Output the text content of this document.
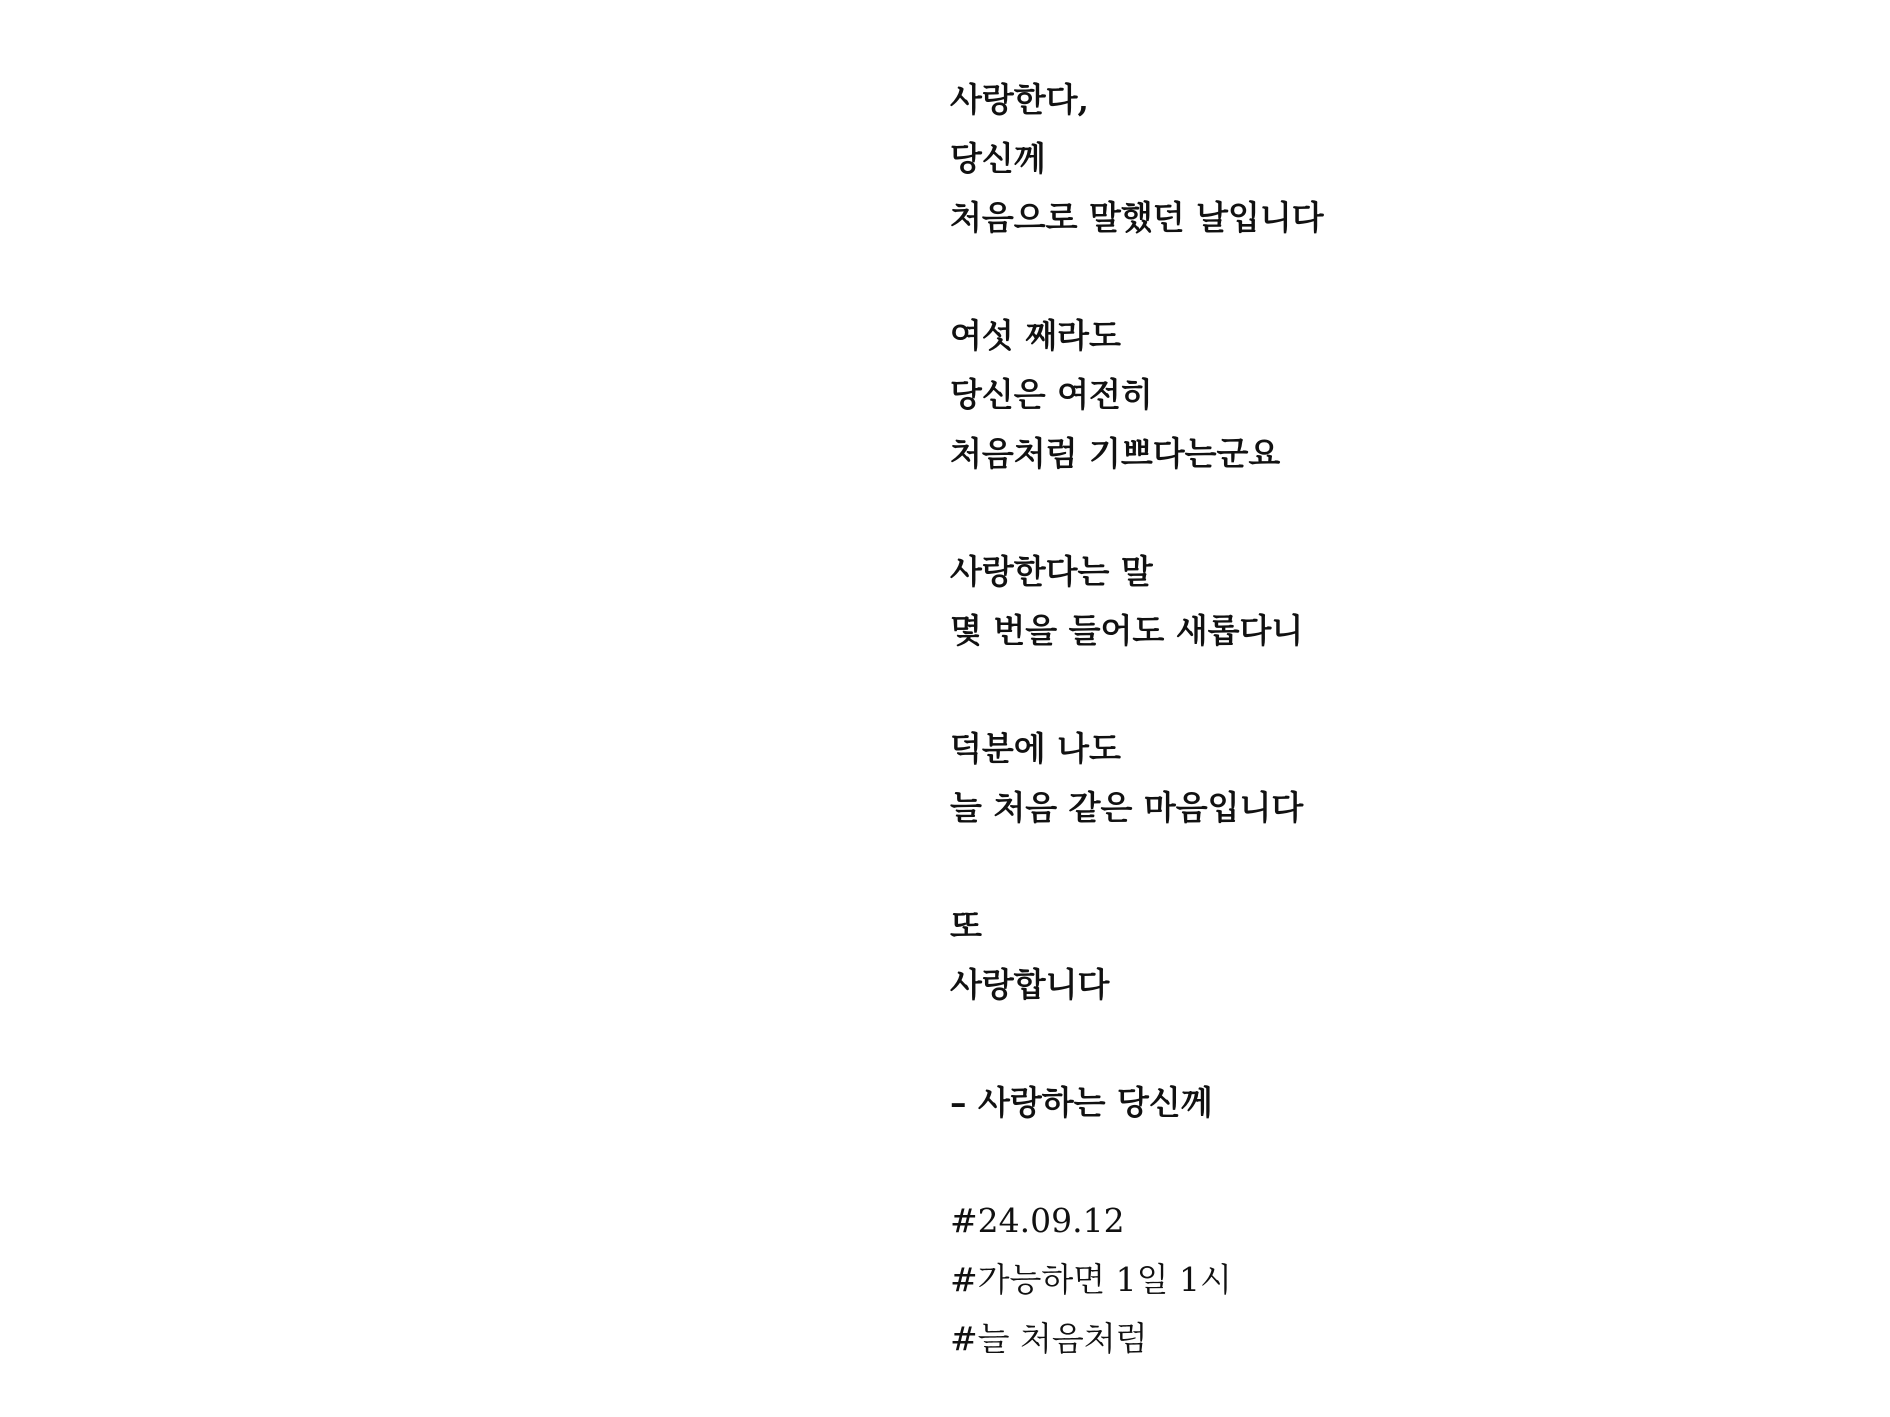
사랑한다,
당신께
처음으로 말했던 날입니다
여섯 째라도
당신은 여전히
처음처럼 기쁘다는군요
사랑한다는 말
몇 번을 들어도 새롭다니
덕분에 나도
늘 처음 같은 마음입니다
또
사랑합니다
– 사랑하는 당신께
#24.09.12
#가능하면 1일 1시
#늘 처음처럼
